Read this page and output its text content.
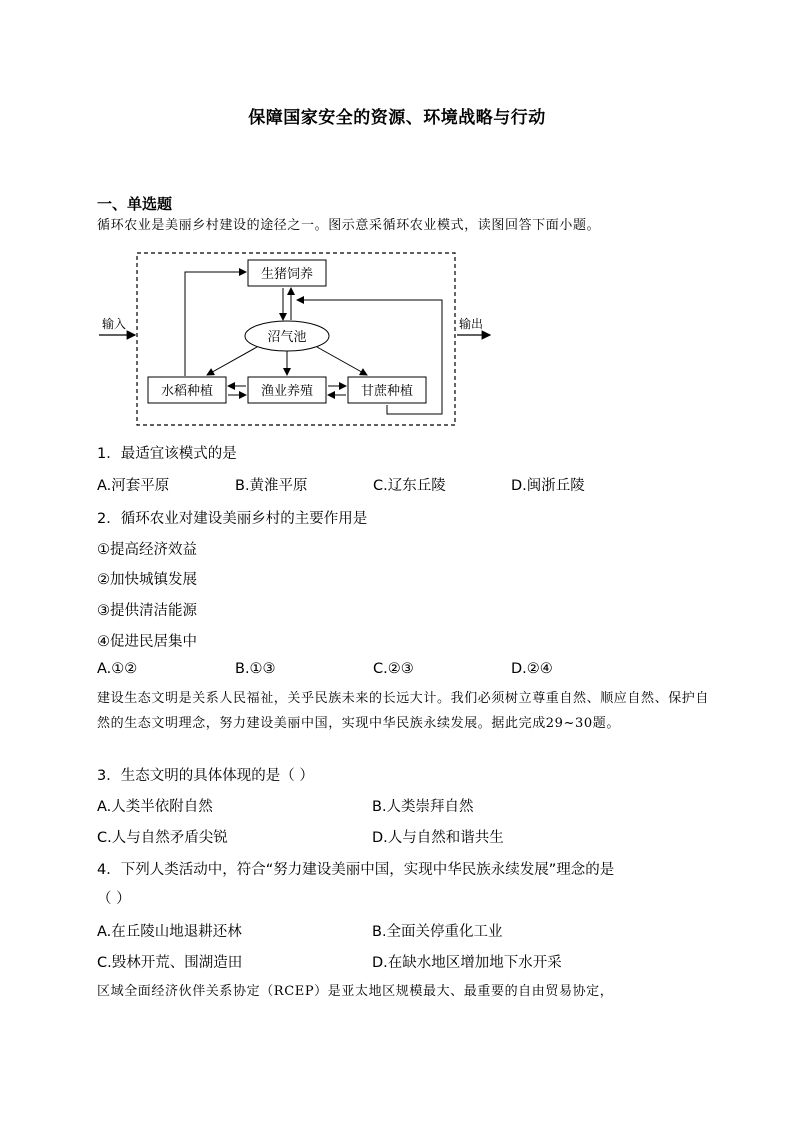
保障国家安全的资源、环境战略与行动
一、单选题
循环农业是美丽乡村建设的途径之一。图示意采循环农业模式，读图回答下面小题。
输入	输出
生猪饲养
沼气池
水稻种植	渔业养殖	甘蔗种植
1．最适宜该模式的是
A.河套平原	B.黄淮平原	C.辽东丘陵	D.闽浙丘陵
2．循环农业对建设美丽乡村的主要作用是
①提高经济效益
②加快城镇发展
③提供清洁能源
④促进民居集中
A.①②	B.①③	C.②③	D.②④
建设生态文明是关系人民福祉，关乎民族未来的长远大计。我们必须树立尊重自然、顺应自然、保护自然的生态文明理念，努力建设美丽中国，实现中华民族永续发展。据此完成29~30题。
3．生态文明的具体体现的是（ ）
A.人类半依附自然	B.人类崇拜自然
C.人与自然矛盾尖锐	D.人与自然和谐共生
4．下列人类活动中，符合“努力建设美丽中国，实现中华民族永续发展”理念的是
（ ）
A.在丘陵山地退耕还林	B.全面关停重化工业
C.毁林开荒、围湖造田	D.在缺水地区增加地下水开采
区域全面经济伙伴关系协定（RCEP）是亚太地区规模最大、最重要的自由贸易协定，
